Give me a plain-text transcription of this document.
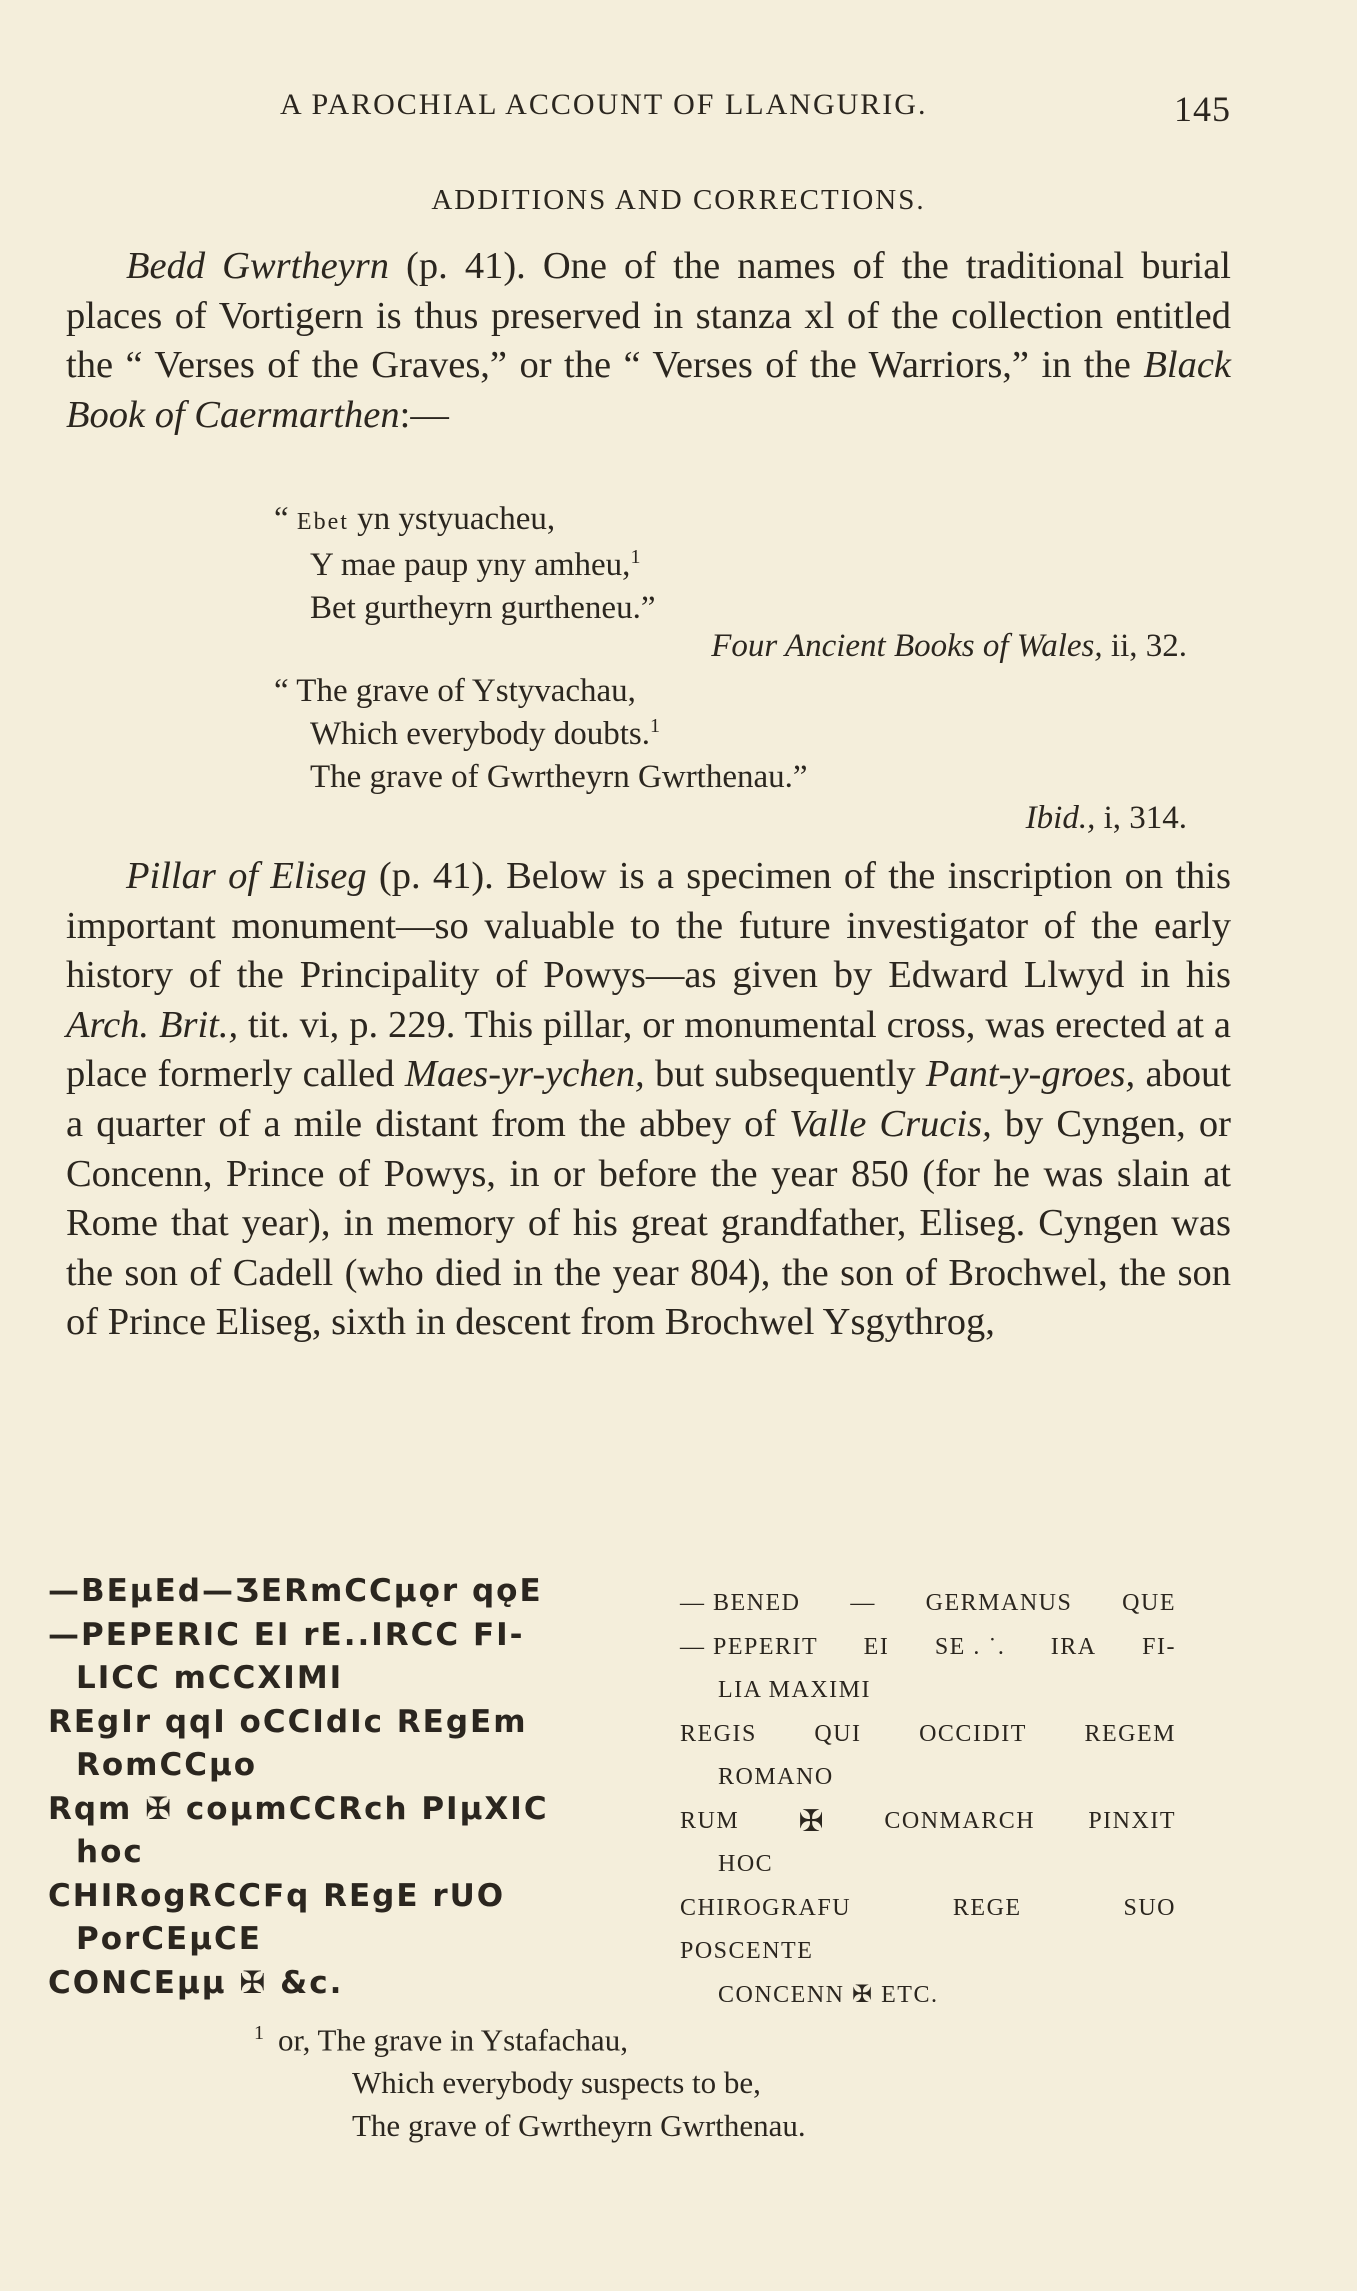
A PAROCHIAL ACCOUNT OF LLANGURIG.	145
ADDITIONS AND CORRECTIONS.
Bedd Gwrtheyrn (p. 41). One of the names of the traditional burial places of Vortigern is thus preserved in stanza xl of the collection entitled the “ Verses of the Graves,” or the “ Verses of the Warriors,” in the Black Book of Caermarthen:—
“ Ebet yn ystyuacheu,
Y mae paup yny amheu,$^1$
Bet gurtheyrn gurtheneu.”
Four Ancient Books of Wales, ii, 32.
“ The grave of Ystyvachau,
Which everybody doubts.$^1$
The grave of Gwrtheyrn Gwrthenau.”
Ibid., i, 314.
Pillar of Eliseg (p. 41). Below is a specimen of the inscription on this important monument—so valuable to the future investigator of the early history of the Principality of Powys—as given by Edward Llwyd in his Arch. Brit., tit. vi, p. 229. This pillar, or monumental cross, was erected at a place formerly called Maes-yr-ychen, but subsequently Pant-y-groes, about a quarter of a mile distant from the abbey of Valle Crucis, by Cyngen, or Concenn, Prince of Powys, in or before the year 850 (for he was slain at Rome that year), in memory of his great grandfather, Eliseg. Cyngen was the son of Cadell (who died in the year 804), the son of Brochwel, the son of Prince Eliseg, sixth in descent from Brochwel Ysgythrog,
—BEµEd—ƷERmCCµǫr qǫE
—PEPERIC EI rE..IRCC FI-
LICC mCCXIMI
REgIr qqI oCCIdIc REgEm
RomCCµo
Rqm ✠ coµmCCRch PIµXIC
hoc
CHIRogRCCFq REgE rUO
PorCEµCE
CONCEµµ ✠ &c.
— BENED — GERMANUS QUE
— PEPERIT EI SE . ˙. IRA FI-
LIA MAXIMI
REGIS QUI OCCIDIT REGEM
ROMANO
RUM ✠ CONMARCH PINXIT
HOC
CHIROGRAFU	REGE	SUO
POSCENTE
CONCENN ✠ ETC.
$^1$ or, The grave in Ystafachau,
Which everybody suspects to be,
The grave of Gwrtheyrn Gwrthenau.
